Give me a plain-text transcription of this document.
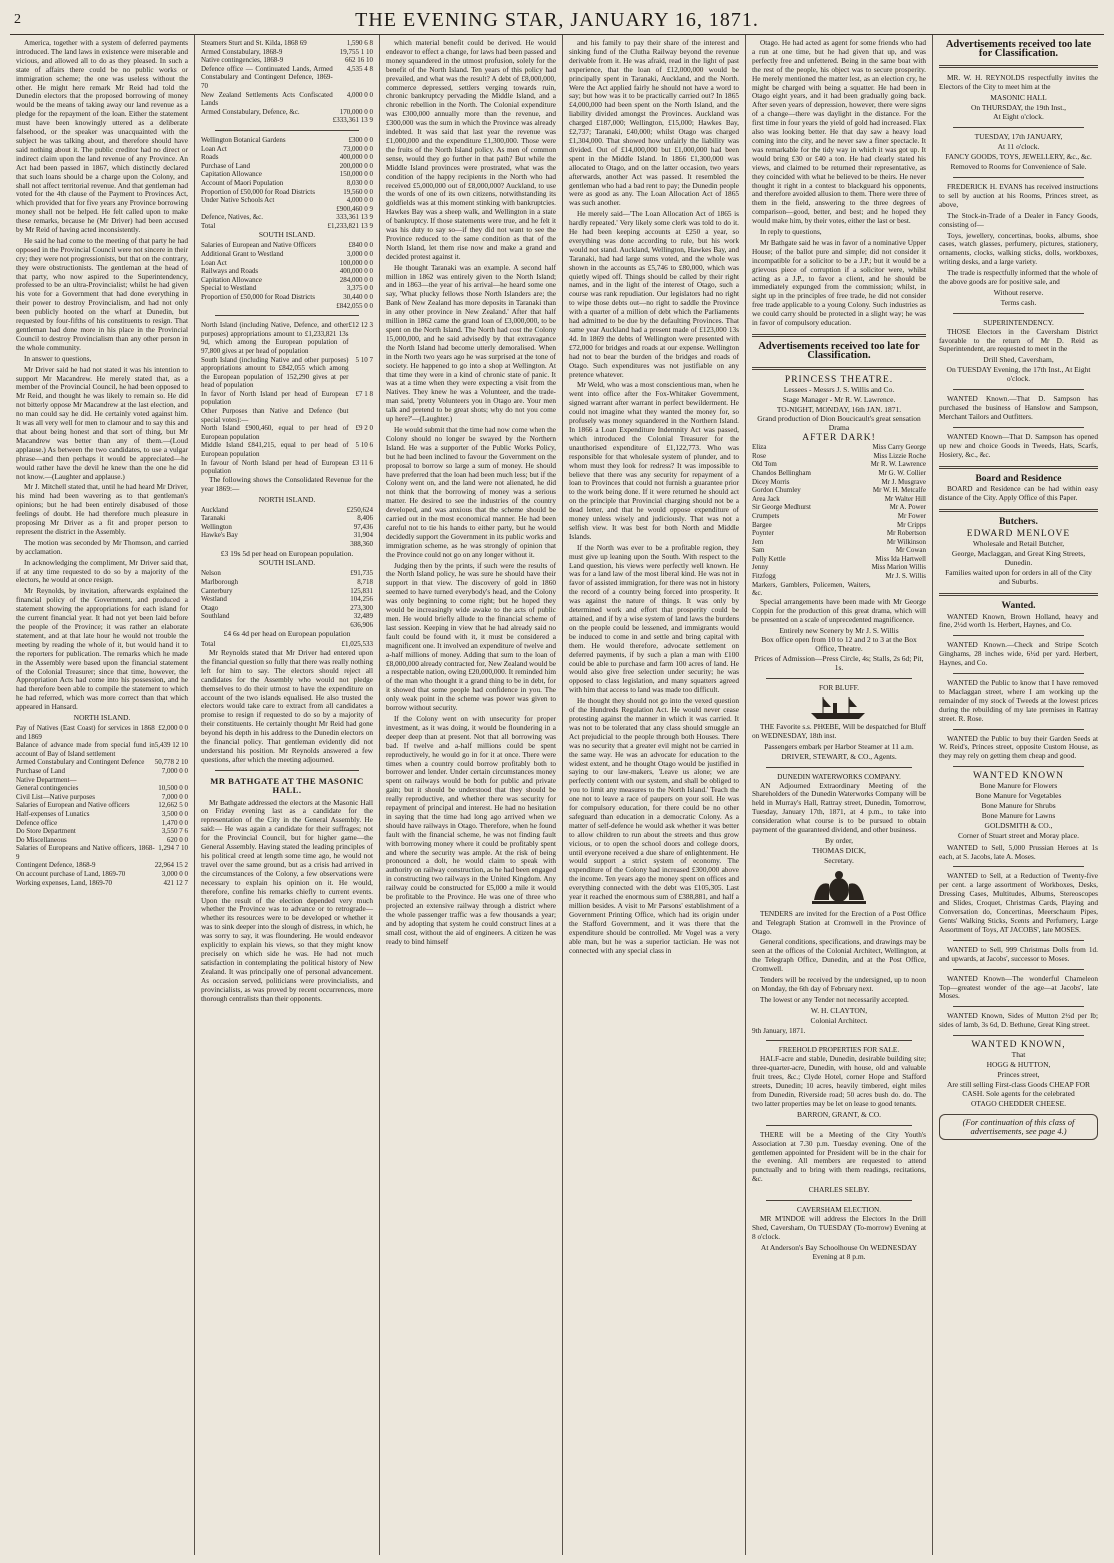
2	THE EVENING STAR, JANUARY 16, 1871.

America, together with a system of deferred payments introduced. The land laws in existence were miserable and vicious, and allowed all to do as they pleased. In such a state of affairs there could be no public works or immigration scheme; the one was useless without the other. He might here remark Mr Reid had told the Dunedin electors that the proposed borrowing of money would be the means of taking away our land revenue as a pledge for the repayment of the loan. Either the statement must have been knowingly uttered as a deliberate falsehood, or the speaker was unacquainted with the subject he was talking about, and therefore should have said nothing about it. The public creditor had no direct or indirect claim upon the land revenue of any Province. An Act had been passed in 1867, which distinctly declared that such loans should be a charge upon the Colony, and shall not affect territorial revenue. And that gentleman had voted for the 4th clause of the Payment to Provinces Act, which provided that for five years any Province borrowing money shall not be helped. He felt called upon to make these remarks, because he (Mr Driver) had been accused by Mr Reid of having acted inconsistently.

He said he had come to the meeting of that party he had opposed in the Provincial Council were not sincere in their cry; they were not progressionists, but that on the contrary, they were obstructionists. The gentleman at the head of that party, who now aspired to the Superintendency, professed to be an ultra-Provincialist; whilst he had given his vote for a Government that had done everything in their power to destroy Provincialism, and had not only been publicly hooted on the wharf at Dunedin, but requested by four-fifths of his constituents to resign. That gentleman had done more in his place in the Provincial Council to destroy Provincialism than any other person in the whole community.

In answer to questions,

Mr Driver said he had not stated it was his intention to support Mr Macandrew. He merely stated that, as a member of the Provincial Council, he had been opposed to Mr Reid, and thought he was likely to remain so. He did not bitterly oppose Mr Macandrew at the last election, and no man could say he did. He certainly voted against him. It was all very well for men to clamour and to say this and that about being honest and that sort of thing, but Mr Macandrew was better than any of them.—(Loud applause.) As between the two candidates, to use a vulgar phrase—and then perhaps it would be appreciated—he would rather have the devil he knew than the one he did not know.—(Laughter and applause.)

Mr J. Mitchell stated that, until he had heard Mr Driver, his mind had been wavering as to that gentleman's opinions; but he had been entirely disabused of those feelings of doubt. He had therefore much pleasure in proposing Mr Driver as a fit and proper person to represent the district in the Assembly.

The motion was seconded by Mr Thomson, and carried by acclamation.

In acknowledging the compliment, Mr Driver said that, if at any time requested to do so by a majority of the electors, he would at once resign.

Mr Reynolds, by invitation, afterwards explained the financial policy of the Government, and produced a statement showing the appropriations for each island for the current financial year. It had not yet been laid before the people of the Province; it was rather an elaborate statement, and at that late hour he would not trouble the meeting by reading the whole of it, but would hand it to the reporters for publication. The remarks which he made in the Assembly were based upon the financial statement of the Colonial Treasurer; since that time, however, the Appropriation Acts had come into his possession, and he had therefore been able to compile the statement to which he had referred, which was more correct than that which appeared in Hansard.

NORTH ISLAND.
Pay of Natives (East Coast) for services in 1868 and 1869	£2,000 0 0
Balance of advance made from special fund in account of Bay of Island settlement	5,439 12 10
Armed Constabulary and Contingent Defence	50,778 2 10
Purchase of Land	7,000 0 0
Native Department—	
General contingencies	10,500 0 0
Civil List—Native purposes	7,000 0 0
Salaries of European and Native officers	12,662 5 0
Half-expenses of Lunatics	3,500 0 0
Defence office	1,470 0 0
Do Store Department	3,550 7 6
Do Miscellaneous	620 0 0
Salaries of Europeans and Native officers, 1868-9	1,294 7 10
Contingent Defence, 1868-9	22,964 15 2
On account purchase of Land, 1869-70	3,000 0 0
Working expenses, Land, 1869-70	421 12 7
Steamers Sturt and St. Kilda, 1868 69	1,590 6 8
Armed Constabulary, 1868-9	19,755 1 10
Native contingencies, 1868-9	662 16 10
Defence office — Continuated Lands, Armed Constabulary and Contingent Defence, 1869-70	4,535 4 8
New Zealand Settlements Acts Confiscated Lands	4,000 0 0
Armed Constabulary, Defence, &c.	170,000 0 0
	£333,361 13 9
Wellington Botanical Gardens	£300 0 0
Loan Act	73,000 0 0
Roads	400,000 0 0
Purchase of Land	200,000 0 0
Capitation Allowance	150,000 0 0
Account of Maori Population	8,030 0 0
Proportion of £50,000 for Road Districts	19,560 0 0
Under Native Schools Act	4,000 0 0
	£900,460 0 9
Defence, Natives, &c.	333,361 13 9
Total	£1,233,821 13 9
SOUTH ISLAND.
Salaries of European and Native Officers	£840 0 0
Additional Grant to Westland	3,000 0 0
Loan Act	100,000 0 0
Railways and Roads	400,000 0 0
Capitation Allowance	284,000 0 0
Special to Westland	3,375 0 0
Proportion of £50,000 for Road Districts	30,440 0 0
	£842,055 0 0
North Island (including Native, Defence, and other purposes) appropriations amount to £1,233,821 13s 9d, which among the European population of 97,800 gives at per head of population	£12 12 3
South Island (including Native and other purposes) appropriations amount to £842,055 which among the European population of 152,290 gives at per head of population	5 10 7
In favor of North Island per head of European population	£7 1 8
Other Purposes than Native and Defence (but special votes):—	
North Island £900,460, equal to per head of European population	£9 2 0
Middle Island £841,215, equal to per head of European population	5 10 6
In favour of North Island per head of European population	£3 11 6

The following shows the Consolidated Revenue for the year 1869:—

NORTH ISLAND.
Auckland	£250,624
Taranaki	8,406
Wellington	97,436
Hawke's Bay	31,904
	388,360
£3 19s 5d per head on European population.
SOUTH ISLAND.
Nelson	£91,735
Marlborough	8,718
Canterbury	125,831
Westland	104,256
Otago	273,300
Southland	32,489
	636,906
£4 6s 4d per head on European population
Total	£1,025,533

Mr Reynolds stated that Mr Driver had entered upon the financial question so fully that there was really nothing left for him to say. The electors should reject all candidates for the Assembly who would not pledge themselves to do their utmost to have the expenditure on account of the two islands equalised. He also trusted the electors would take care to extract from all candidates a promise to resign if requested to do so by a majority of their constituents. He certainly thought Mr Reid had gone beyond his depth in his address to the Dunedin electors on the financial policy. That gentleman evidently did not understand his position. Mr Reynolds answered a few questions, after which the meeting adjourned.

MR BATHGATE AT THE MASONIC HALL.

Mr Bathgate addressed the electors at the Masonic Hall on Friday evening last as a candidate for the representation of the City in the General Assembly. He said:— He was again a candidate for their suffrages; not for the Provincial Council, but for higher game—the General Assembly. Having stated the leading principles of his political creed at length some time ago, he would not travel over the same ground, but as a crisis had arrived in the circumstances of the Colony, a few observations were necessary to explain his opinion on it. He would, therefore, confine his remarks chiefly to current events. Upon the result of the election depended very much whether the Province was to advance or to retrograde—whether its resources were to be developed or whether it was to sink deeper into the slough of distress, in which, he was sorry to say, it was floundering. He would endeavor explicitly to explain his views, so that they might know precisely on which side he was. He had not much satisfaction in contemplating the political history of New Zealand. It was principally one of personal advancement. As occasion served, politicians were provincialists, and provincialists, as was proved by recent occurrences, more thorough centralists than their opponents.

which material benefit could be derived. He would endeavor to effect a change, for laws had been passed and money squandered in the utmost profusion, solely for the benefit of the North Island. Ten years of this policy had prevailed, and what was the result? A debt of £8,000,000, commerce depressed, settlers verging towards ruin, chronic bankruptcy pervading the Middle Island, and a chronic rebellion in the North. The Colonial expenditure was £300,000 annually more than the revenue, and £300,000 was the sum in which the Province was already indebted. It was said that last year the revenue was £1,000,000 and the expenditure £1,300,000. Those were the fruits of the North Island policy. As men of common sense, would they go further in that path? But while the Middle Island provinces were prostrated, what was the condition of the happy recipients in the North who had received £5,000,000 out of £8,000,000? Auckland, to use the words of one of its own citizens, notwithstanding its goldfields was at this moment stinking with bankruptcies. Hawkes Bay was a sheep walk, and Wellington in a state of bankruptcy. If those statements were true, and he felt it was his duty to say so—if they did not want to see the Province reduced to the same condition as that of the North Island, let them rise now and make a grand and decided protest against it.

He thought Taranaki was an example. A second half million in 1862 was entirely given to the North Island; and in 1863—the year of his arrival—he heard some one say, 'What plucky fellows those North Islanders are; the Bank of New Zealand has more deposits in Taranaki than in any other province in New Zealand.' After that half million in 1862 came the grand loan of £3,000,000, to be spent on the North Island. The North had cost the Colony 15,000,000, and he said advisedly by that extravagance the North Island had become utterly demoralised. When in the North two years ago he was surprised at the tone of society. He happened to go into a shop at Wellington. At that time they were in a kind of chronic state of panic. It was at a time when they were expecting a visit from the Natives. They knew he was a Volunteer, and the trade-man said, 'pretty Volunteers you in Otago are. Your men talk and pretend to be great shots; why do not you come up here?'—(Laughter.)

He would submit that the time had now come when the Colony should no longer be swayed by the Northern Island. He was a supporter of the Public Works Policy, but he had been inclined to favour the Government on the proposal to borrow so large a sum of money. He should have preferred that the loan had been much less; but if the Colony went on, and the land were not alienated, he did not think that the borrowing of money was a serious matter. He desired to see the industries of the country developed, and was anxious that the scheme should be carried out in the most economical manner. He had been careful not to tie his hands to either party, but he would decidedly support the Government in its public works and immigration scheme, as he was strongly of opinion that the Province could not go on any longer without it.

Judging then by the prints, if such were the results of the North Island policy, he was sure he should have their support in that view. The discovery of gold in 1860 seemed to have turned everybody's head, and the Colony was only beginning to come right; but he hoped they would be increasingly wide awake to the acts of public men. He would briefly allude to the financial scheme of last session. Keeping in view that he had already said no fault could be found with it, it must be considered a magnificent one. It involved an expenditure of twelve and a-half millions of money. Adding that sum to the loan of £8,000,000 already contracted for, New Zealand would be a respectable nation, owing £20,000,000. It reminded him of the man who thought it a grand thing to be in debt, for it showed that some people had confidence in you. The only weak point in the scheme was power was given to borrow without security.

If the Colony went on with unsecurity for proper investment, as it was doing, it would be floundering in a deeper deep than at present. Not that all borrowing was bad. If twelve and a-half millions could be spent reproductively, he would go in for it at once. There were times when a country could borrow profitably both to borrower and lender. Under certain circumstances money spent on railways would be both for public and private gain; but it should be understood that they should be really reproductive, and whether there was security for repayment of principal and interest. He had no hesitation in saying that the time had long ago arrived when we should have railways in Otago. Therefore, when he found fault with the financial scheme, he was not finding fault with borrowing money where it could be profitably spent and where the security was ample. At the risk of being pronounced a dolt, he would claim to speak with authority on railway construction, as he had been engaged in constructing two railways in the United Kingdom. Any railway could be constructed for £5,000 a mile it would be profitable to the Province. He was one of three who projected an extensive railway through a district where the whole passenger traffic was a few thousands a year; and by adopting that system he could construct lines at a small cost, without the aid of engineers. A citizen he was ready to bind himself

and his family to pay their share of the interest and sinking fund of the Clutha Railway beyond the revenue derivable from it. He was afraid, read in the light of past experience, that the loan of £12,000,000 would be principally spent in Taranaki, Auckland, and the North. Were the Act applied fairly he should not have a word to say; but how was it to be practically carried out? In 1865 £4,000,000 had been spent on the North Island, and the liability divided amongst the Provinces. Auckland was charged £187,000; Wellington, £15,000; Hawkes Bay, £2,737; Taranaki, £40,000; whilst Otago was charged £1,304,000. That showed how unfairly the liability was divided. Out of £14,000,000 but £1,000,000 had been spent in the Middle Island. In 1866 £1,300,000 was allocated to Otago, and on the latter occasion, two years afterwards, another Act was passed. It resembled the gentleman who had a bad rent to pay; the Dunedin people were as good as any. The Loan Allocation Act of 1865 was such another.

He merely said—'The Loan Allocation Act of 1865 is hardly repeated.' Very likely some clerk was told to do it. He had been keeping accounts at £250 a year, so everything was done according to rule, but his work would not stand. Auckland, Wellington, Hawkes Bay, and Taranaki, had had large sums voted, and the whole was shown in the accounts as £5,746 to £80,000, which was quietly wiped off. Things should be called by their right names, and in the light of the interest of Otago, such a course was rank repudiation. Our legislators had no right to wipe those debts out—no right to saddle the Province with a quarter of a million of debt which the Parliaments had admitted to be due by the defaulting Provinces. That same year Auckland had a present made of £123,000 13s 4d. In 1869 the debts of Wellington were presented with £72,000 for bridges and roads at our expense. Wellington had not to bear the burden of the bridges and roads of Otago. Such expenditures was not justifiable on any pretence whatever.

Mr Weld, who was a most conscientious man, when he went into office after the Fox-Whitaker Government, signed warrant after warrant in perfect bewilderment. He could not imagine what they wanted the money for, so profusely was money squandered in the Northern Island. In 1866 a Loan Expenditure Indemnity Act was passed, which introduced the Colonial Treasurer for the unauthorised expenditure of £1,122,773. Who was responsible for that wholesale system of plunder, and to whom must they look for redress? It was impossible to believe that there was any security for repayment of a loan to Provinces that could not furnish a guarantee prior to the work being done. If it were returned he should act on the principle that Provincial charging should not be a dead letter, and that he would oppose expenditure of money unless wisely and judiciously. That was not a selfish view. It was best for both North and Middle Islands.

If the North was ever to be a profitable region, they must give up leaning upon the South. With respect to the Land question, his views were perfectly well known. He was for a land law of the most liberal kind. He was not in favor of assisted immigration, for there was not in history the record of a country being forced into prosperity. It was against the nature of things. It was only by determined work and effort that prosperity could be attained, and if by a wise system of land laws the burdens on the people could be lessened, and immigrants would be induced to come in and settle and bring capital with them. He would therefore, advocate settlement on deferred payments, if by such a plan a man with £100 could be able to purchase and farm 100 acres of land. He would also give free selection under security; he was opposed to class legislation, and many squatters agreed with him that access to land was made too difficult.

He thought they should not go into the vexed question of the Hundreds Regulation Act. He would never cease protesting against the manner in which it was carried. It was not to be tolerated that any class should smuggle an Act prejudicial to the people through both Houses. There was no security that a greater evil might not be carried in the same way. He was an advocate for education to the widest extent, and he thought Otago would be justified in saying to our law-makers, 'Leave us alone; we are perfectly content with our system, and shall be obliged to you to limit any measures to the North Island.' Teach the one not to leave a race of paupers on your soil. He was for compulsory education, for there could be no other safeguard than education in a democratic Colony. As a matter of self-defence he would ask whether it was better to allow children to run about the streets and thus grow vicious, or to open the school doors and college doors, until everyone received a due share of enlightenment. He would support a strict system of economy. The expenditure of the Colony had increased £300,000 above the income. Ten years ago the money spent on offices and everything connected with the debt was £105,305. Last year it reached the enormous sum of £388,881, and half a million besides. A visit to Mr Parsons' establishment of a Government Printing Office, which had its origin under the Stafford Government, and it was there that the expenditure should be controlled. Mr Vogel was a very able man, but he was a superior tactician. He was not connected with any special class in

Otago. He had acted as agent for some friends who had a run at one time, but he had given that up, and was perfectly free and unfettered. Being in the same boat with the rest of the people, his object was to secure prosperity. He merely mentioned the matter lest, as an election cry, he might be charged with being a squatter. He had been in Otago eight years, and it had been gradually going back. After seven years of depression, however, there were signs of a change—there was daylight in the distance. For the first time in four years the yield of gold had increased. Flax also was looking better. He that day saw a heavy load coming into the city, and he never saw a finer spectacle. It was remarkable for the tidy way in which it was got up. It would bring £30 or £40 a ton. He had clearly stated his views, and claimed to be returned their representative, as they coincided with what he believed to be theirs. He never thought it right in a contest to blackguard his opponents, and therefore avoided allusion to them. There were three of them in the field, answering to the three degrees of comparison—good, better, and best; and he hoped they would make him, by their votes, either the last or best.

In reply to questions,

Mr Bathgate said he was in favor of a nominative Upper House; of the ballot pure and simple; did not consider it incompatible for a solicitor to be a J.P.; but it would be a grievous piece of corruption if a solicitor were, whilst acting as a J.P., to favor a client, and he should be immediately expunged from the commission; whilst, in sight up in the principles of free trade, he did not consider free trade applicable to a young Colony. Such industries as we could carry should be protected in a slight way; he was in favor of compulsory education.

Advertisements received too late for Classification.
PRINCESS THEATRE.
Lessees - Messrs J. S. Willis and Co.
Stage Manager - Mr R. W. Lawrence.
TO-NIGHT, MONDAY, 16th JAN. 1871.
Grand production of Dion Boucicault's great sensation Drama
AFTER DARK!
Eliza	Miss Carry George
Rose	Miss Lizzie Roche
Old Tom	Mr R. W. Lawrence
Chandos Bellingham	Mr G. W. Collier
Dicey Morris	Mr J. Musgrave
Gordon Chumley	Mr W. H. Metcalfe
Area Jack	Mr Walter Hill
Sir George Medhurst	Mr A. Power
Crumpets	Mr Fower
Bargee	Mr Cripps
Poynter	Mr Robertson
Jem	Mr Wilkinson
Sam	Mr Cowan
Polly Kettle	Miss Ida Hartwell
Jenny	Miss Marion Willis
Fitzfogg	Mr J. S. Willis
Markers, Gamblers, Policemen, Waiters, &c.	

Special arrangements have been made with Mr George Coppin for the production of this great drama, which will be presented on a scale of unprecedented magnificence.

Entirely new Scenery by Mr J. S. Willis
Box office open from 10 to 12 and 2 to 3 at the Box Office, Theatre.
Prices of Admission—Press Circle, 4s; Stalls, 2s 6d; Pit, 1s.
FOR BLUFF.

THE Favorite s.s. PHŒBE, Will be despatched for Bluff on WEDNESDAY, 18th inst.

Passengers embark per Harbor Steamer at 11 a.m.
DRIVER, STEWART, & CO., Agents.
DUNEDIN WATERWORKS COMPANY.

AN Adjourned Extraordinary Meeting of the Shareholders of the Dunedin Waterworks Company will be held in Murray's Hall, Rattray street, Dunedin, Tomorrow, Tuesday, January 17th, 1871, at 4 p.m., to take into consideration what course is to be pursued to obtain payment of the guaranteed dividend, and other business.

By order,
THOMAS DICK,
Secretary.

TENDERS are invited for the Erection of a Post Office and Telegraph Station at Cromwell in the Province of Otago.

General conditions, specifications, and drawings may be seen at the offices of the Colonial Architect, Wellington, at the Telegraph Office, Dunedin, and at the Post Office, Cromwell.

Tenders will be received by the undersigned, up to noon on Monday, the 6th day of February next.

The lowest or any Tender not necessarily accepted.

W. H. CLAYTON,
Colonial Architect.
9th January, 1871.
FREEHOLD PROPERTIES FOR SALE.

HALF-acre and stable, Dunedin, desirable building site; three-quarter-acre, Dunedin, with house, old and valuable fruit trees, &c.; Clyde Hotel, corner Hope and Stafford streets, Dunedin; 10 acres, heavily timbered, eight miles from Dunedin, Riverside road; 50 acres bush do. do. The two latter properties may be let on lease to good tenants.

BARRON, GRANT, & CO.

THERE will be a Meeting of the City Youth's Association at 7.30 p.m. Tuesday evening. One of the gentlemen appointed for President will be in the chair for the evening. All members are requested to attend punctually and to bring with them readings, recitations, &c.

CHARLES SELBY.
CAVERSHAM ELECTION.

MR M'INDOE will address the Electors In the Drill Shed, Caversham, On TUESDAY (To-morrow) Evening at 8 o'clock.

At Anderson's Bay Schoolhouse On WEDNESDAY Evening at 8 p.m.
Advertisements received too late for Classification.

MR. W. H. REYNOLDS respectfully invites the Electors of the City to meet him at the

MASONIC HALL
On THURSDAY, the 19th Inst.,
At Eight o'clock.
TUESDAY, 17th JANUARY,
At 11 o'clock.
FANCY GOODS, TOYS, JEWELLERY, &c., &c.
Removed to Rooms for Convenience of Sale.

FREDERICK H. EVANS has received instructions to sell by auction at his Rooms, Princes street, as above,

The Stock-in-Trade of a Dealer in Fancy Goods, consisting of—

Toys, jewellery, concertinas, books, albums, shoe cases, watch glasses, perfumery, pictures, stationery, ornaments, clocks, walking sticks, dolls, workboxes, writing desks, and a large variety.

The trade is respectfully informed that the whole of the above goods are for positive sale, and

Without reserve.
Terms cash.
SUPERINTENDENCY.

THOSE Electors in the Caversham District favorable to the return of Mr D. Reid as Superintendent, are requested to meet in the

Drill Shed, Caversham,
On TUESDAY Evening, the 17th Inst., At Eight o'clock.

WANTED Known.—That D. Sampson has purchased the business of Hanslow and Sampson, Merchant Tailors and Outfitters.

WANTED Known—That D. Sampson has opened up new and choice Goods in Tweeds, Hats, Scarfs, Hosiery, &c., &c.

Board and Residence

BOARD and Residence can be had within easy distance of the City. Apply Office of this Paper.

Butchers.
EDWARD MENLOVE
Wholesale and Retail Butcher,
George, Maclaggan, and Great King Streets, Dunedin.
Families waited upon for orders in all of the City and Suburbs.
Wanted.

WANTED Known, Brown Holland, heavy and fine, 2½d worth 1s. Herbert, Haynes, and Co.

WANTED Known.—Check and Stripe Scotch Ginghams, 28 inches wide, 6½d per yard. Herbert, Haynes, and Co.

WANTED the Public to know that I have removed to Maclaggan street, where I am working up the remainder of my stock of Tweeds at the lowest prices during the rebuilding of my late premises in Rattray street. R. Rose.

WANTED the Public to buy their Garden Seeds at W. Reid's, Princes street, opposite Custom House, as they may rely on getting them cheap and good.

WANTED KNOWN
Bone Manure for Flowers
Bone Manure for Vegetables
Bone Manure for Shrubs
Bone Manure for Lawns
GOLDSMITH & CO.,
Corner of Stuart street and Moray place.

WANTED to Sell, 5,000 Prussian Heroes at 1s each, at S. Jacobs, late A. Moses.

WANTED to Sell, at a Reduction of Twenty-five per cent. a large assortment of Workboxes, Desks, Dressing Cases, Multitudes, Albums, Stereoscopes and Slides, Croquet, Christmas Cards, Playing and Conversation do, Concertinas, Meerschaum Pipes, Gents' Walking Sticks, Scents and Perfumery, Large Assortment of Toys, AT JACOBS', late MOSES.

WANTED to Sell, 999 Christmas Dolls from 1d. and upwards, at Jacobs', successor to Moses.

WANTED Known—The wonderful Chameleon Top—greatest wonder of the age—at Jacobs', late Moses.

WANTED Known, Sides of Mutton 2½d per lb; sides of lamb, 3s 6d, D. Bethune, Great King street.

WANTED KNOWN,
That
HOGG & HUTTON,
Princes street,
Are still selling First-class Goods CHEAP FOR CASH. Sole agents for the celebrated
OTAGO CHEDDER CHEESE.
(For continuation of this class of advertisements, see page 4.)
